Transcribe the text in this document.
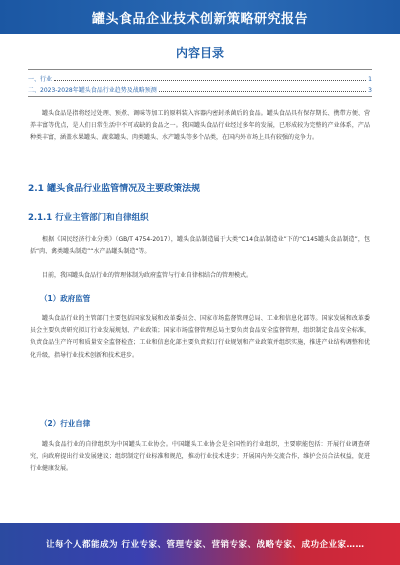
罐头食品企业技术创新策略研究报告
内容目录
一、行业	1
二、2023-2028年罐头食品行业趋势及战略预测	3
罐头食品是指将经过处理、预煮、调味等加工的原料装入容器内密封杀菌后的食品。罐头食品具有保存期长、携带方便、营养丰富等优点，是人们日常生活中不可或缺的食品之一。我国罐头食品行业经过多年的发展，已形成较为完整的产业体系，产品种类丰富，涵盖水果罐头、蔬菜罐头、肉类罐头、水产罐头等多个品类，在国内外市场上具有较强的竞争力。
2.1 罐头食品行业监管情况及主要政策法规
2.1.1 行业主管部门和自律组织
根据《国民经济行业分类》（GB/T 4754-2017），罐头食品制造属于大类“C14食品制造业”下的“C145罐头食品制造”，包括“肉、禽类罐头制造”“水产品罐头制造”等。
目前，我国罐头食品行业的管理体制为政府监管与行业自律相结合的管理模式。
（1）政府监管
罐头食品行业的主管部门主要包括国家发展和改革委员会、国家市场监督管理总局、工业和信息化部等。国家发展和改革委员会主要负责研究拟订行业发展规划、产业政策；国家市场监督管理总局主要负责食品安全监督管理，组织制定食品安全标准，负责食品生产许可和质量安全监督检查；工业和信息化部主要负责拟订行业规划和产业政策并组织实施，推进产业结构调整和优化升级，指导行业技术创新和技术进步。
（2）行业自律
罐头食品行业的自律组织为中国罐头工业协会。中国罐头工业协会是全国性的行业组织，主要职能包括：开展行业调查研究，向政府提出行业发展建议；组织制定行业标准和规范，推动行业技术进步；开展国内外交流合作，维护会员合法权益，促进行业健康发展。
让每个人都能成为 行业专家、管理专家、营销专家、战略专家、成功企业家……
